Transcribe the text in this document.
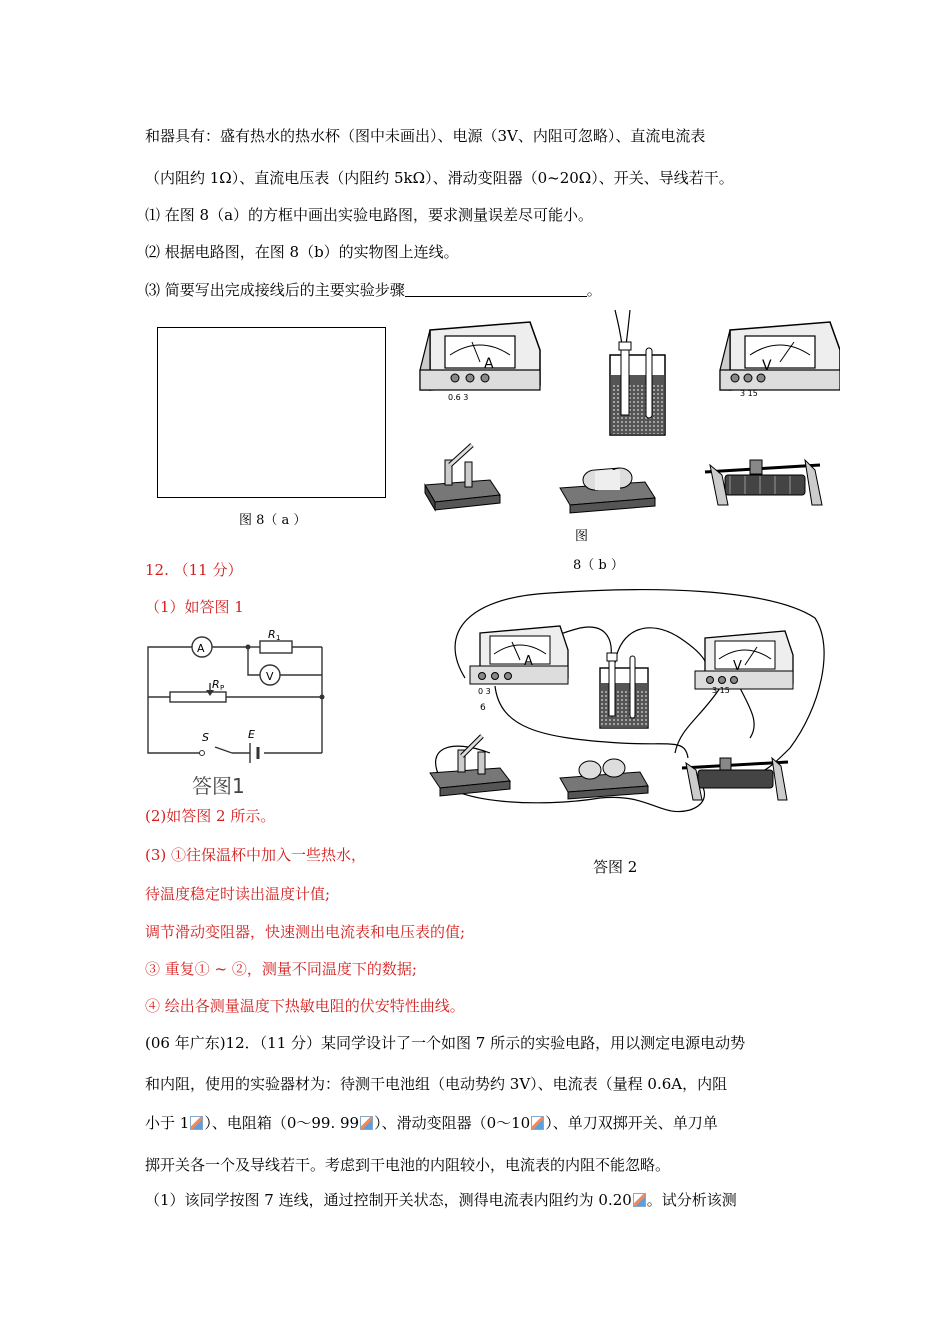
和器具有：盛有热水的热水杯（图中未画出）、电源（3V、内阻可忽略）、直流电流表
（内阻约 1Ω）、直流电压表（内阻约 5kΩ）、滑动变阻器（0~20Ω）、开关、导线若干。
⑴ 在图 8（a）的方框中画出实验电路图，要求测量误差尽可能小。
⑵ 根据电路图，在图 8（b）的实物图上连线。
⑶ 简要写出完成接线后的主要实验步骤	。
图 8（ a ）
A
0.6 3
V
3 15
图
8（ b ）
12. （11 分）
（1）如答图 1
A
V
R 1
R P
S	E
答图1
A
0 3
6
V
3 15
(2)如答图 2 所示。
(3) ①往保温杯中加入一些热水，
答图 2
待温度稳定时读出温度计值;
调节滑动变阻器，快速测出电流表和电压表的值;
③ 重复① ~ ②，测量不同温度下的数据;
④ 绘出各测量温度下热敏电阻的伏安特性曲线。
(06 年广东)12．（11 分）某同学设计了一个如图 7 所示的实验电路，用以测定电源电动势
和内阻，使用的实验器材为：待测干电池组（电动势约 3V）、电流表（量程 0.6A，内阻
小于 1 ）、电阻箱（0～99. 99 ）、滑动变阻器（0～10 ）、单刀双掷开关、单刀单
掷开关各一个及导线若干。考虑到干电池的内阻较小，电流表的内阻不能忽略。
（1）该同学按图 7 连线，通过控制开关状态，测得电流表内阻约为 0.20 。试分析该测
